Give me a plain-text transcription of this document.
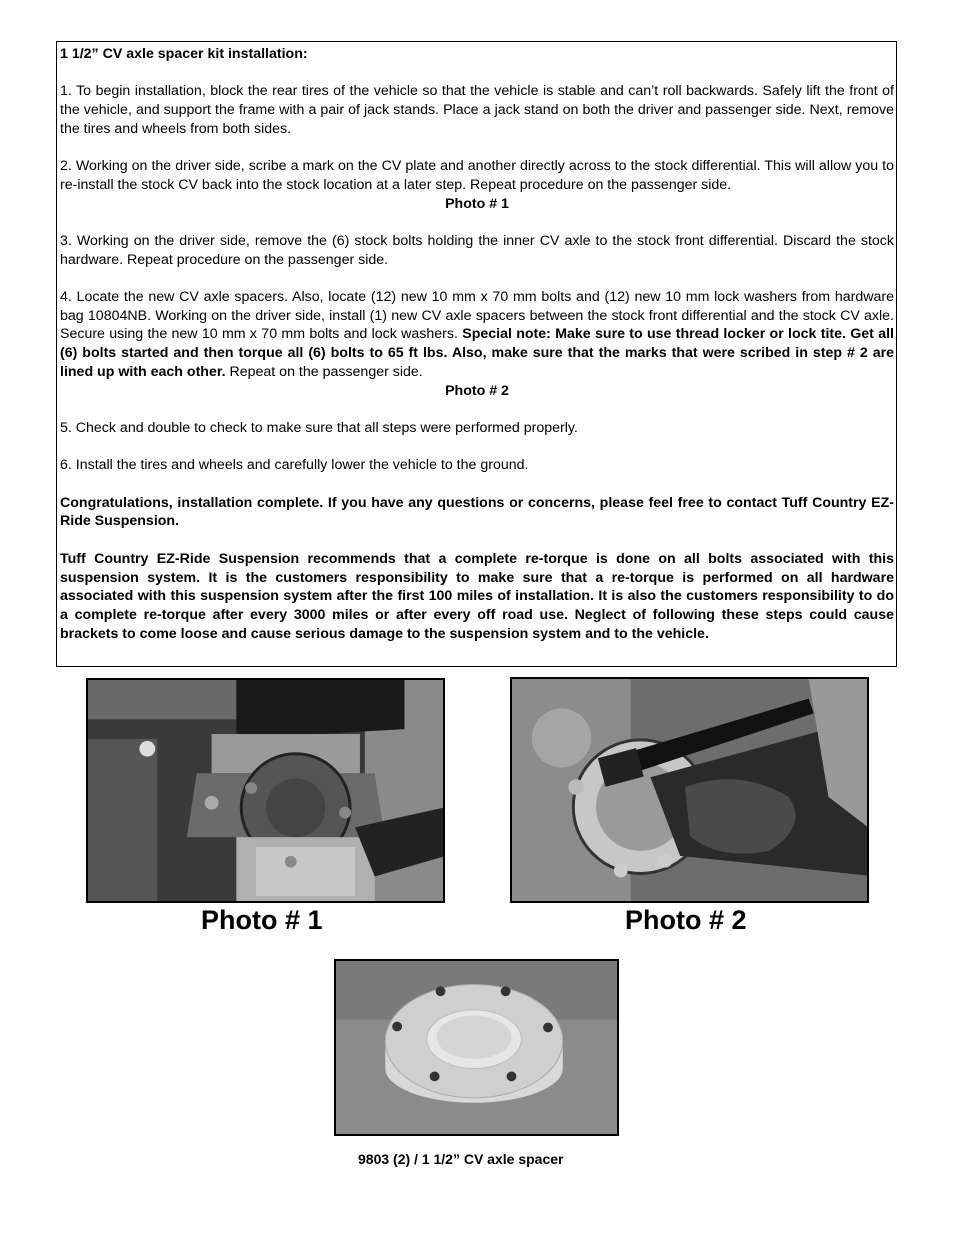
1 1/2” CV axle spacer kit installation:

1. To begin installation, block the rear tires of the vehicle so that the vehicle is stable and can’t roll backwards. Safely lift the front of the vehicle, and support the frame with a pair of jack stands. Place a jack stand on both the driver and passenger side. Next, remove the tires and wheels from both sides.

2. Working on the driver side, scribe a mark on the CV plate and another directly across to the stock differential. This will allow you to re-install the stock CV back into the stock location at a later step. Repeat procedure on the passenger side.

Photo # 1

3. Working on the driver side, remove the (6) stock bolts holding the inner CV axle to the stock front differential. Discard the stock hardware. Repeat procedure on the passenger side.

4. Locate the new CV axle spacers. Also, locate (12) new 10 mm x 70 mm bolts and (12) new 10 mm lock washers from hardware bag 10804NB. Working on the driver side, install (1) new CV axle spacers between the stock front differential and the stock CV axle. Secure using the new 10 mm x 70 mm bolts and lock washers. Special note: Make sure to use thread locker or lock tite. Get all (6) bolts started and then torque all (6) bolts to 65 ft lbs. Also, make sure that the marks that were scribed in step # 2 are lined up with each other. Repeat on the passenger side.

Photo # 2

5. Check and double to check to make sure that all steps were performed properly.

6. Install the tires and wheels and carefully lower the vehicle to the ground.

Congratulations, installation complete. If you have any questions or concerns, please feel free to contact Tuff Country EZ-Ride Suspension.

Tuff Country EZ-Ride Suspension recommends that a complete re-torque is done on all bolts associated with this suspension system. It is the customers responsibility to make sure that a re-torque is performed on all hardware associated with this suspension system after the first 100 miles of installation. It is also the customers responsibility to do a complete re-torque after every 3000 miles or after every off road use. Neglect of following these steps could cause brackets to come loose and cause serious damage to the suspension system and to the vehicle.

Photo # 1	Photo # 2
9803 (2) / 1 1/2” CV axle spacer
